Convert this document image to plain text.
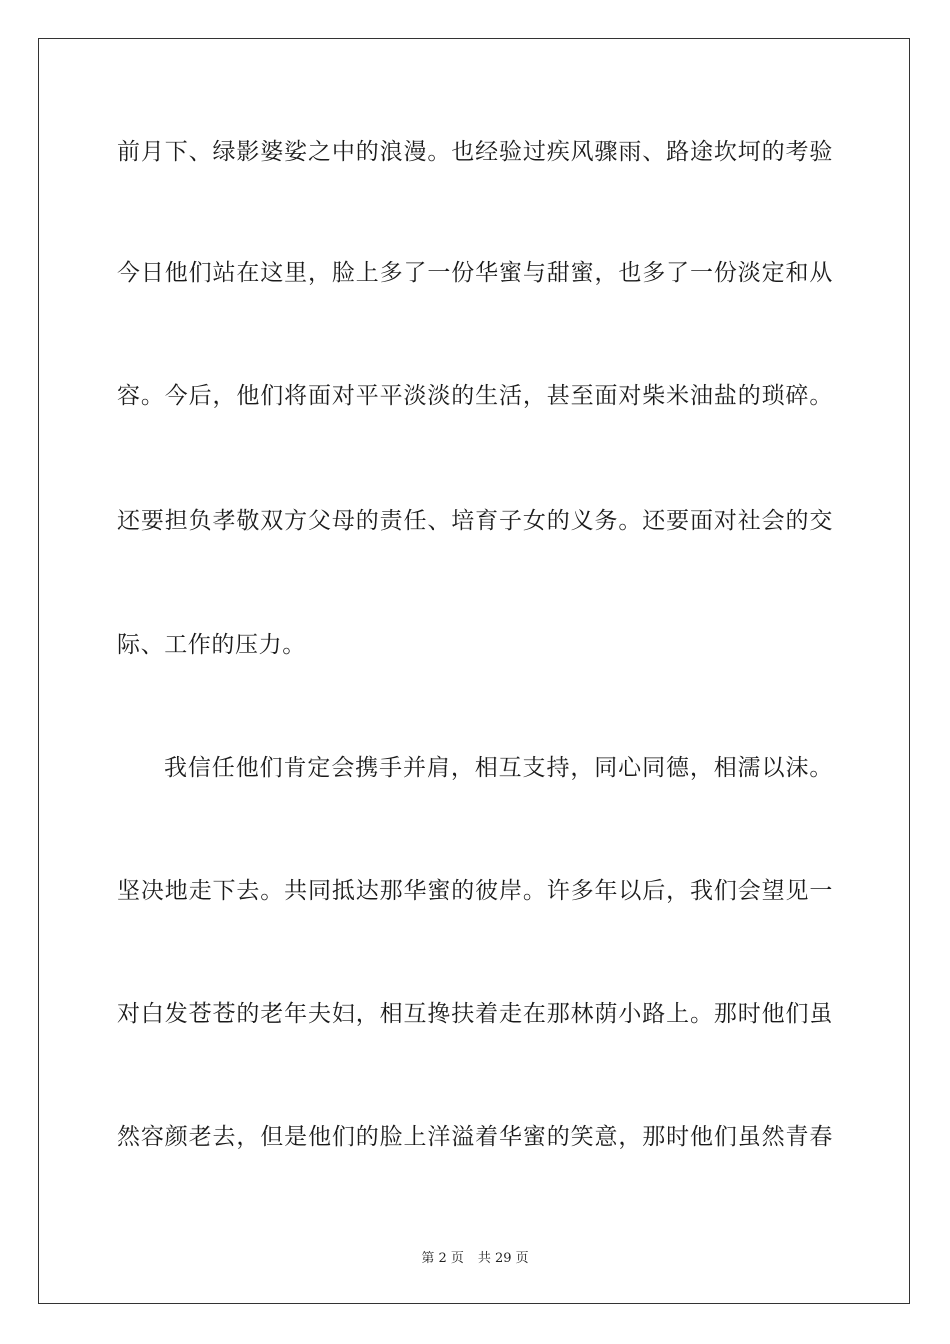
前月下、绿影婆娑之中的浪漫。也经验过疾风骤雨、路途坎坷的考验
今日他们站在这里，脸上多了一份华蜜与甜蜜，也多了一份淡定和从
容。今后，他们将面对平平淡淡的生活，甚至面对柴米油盐的琐碎。
还要担负孝敬双方父母的责任、培育子女的义务。还要面对社会的交
际、工作的压力。
我信任他们肯定会携手并肩，相互支持，同心同德，相濡以沫。
坚决地走下去。共同抵达那华蜜的彼岸。许多年以后，我们会望见一
对白发苍苍的老年夫妇，相互搀扶着走在那林荫小路上。那时他们虽
然容颜老去，但是他们的脸上洋溢着华蜜的笑意，那时他们虽然青春
第 2 页 共 29 页
